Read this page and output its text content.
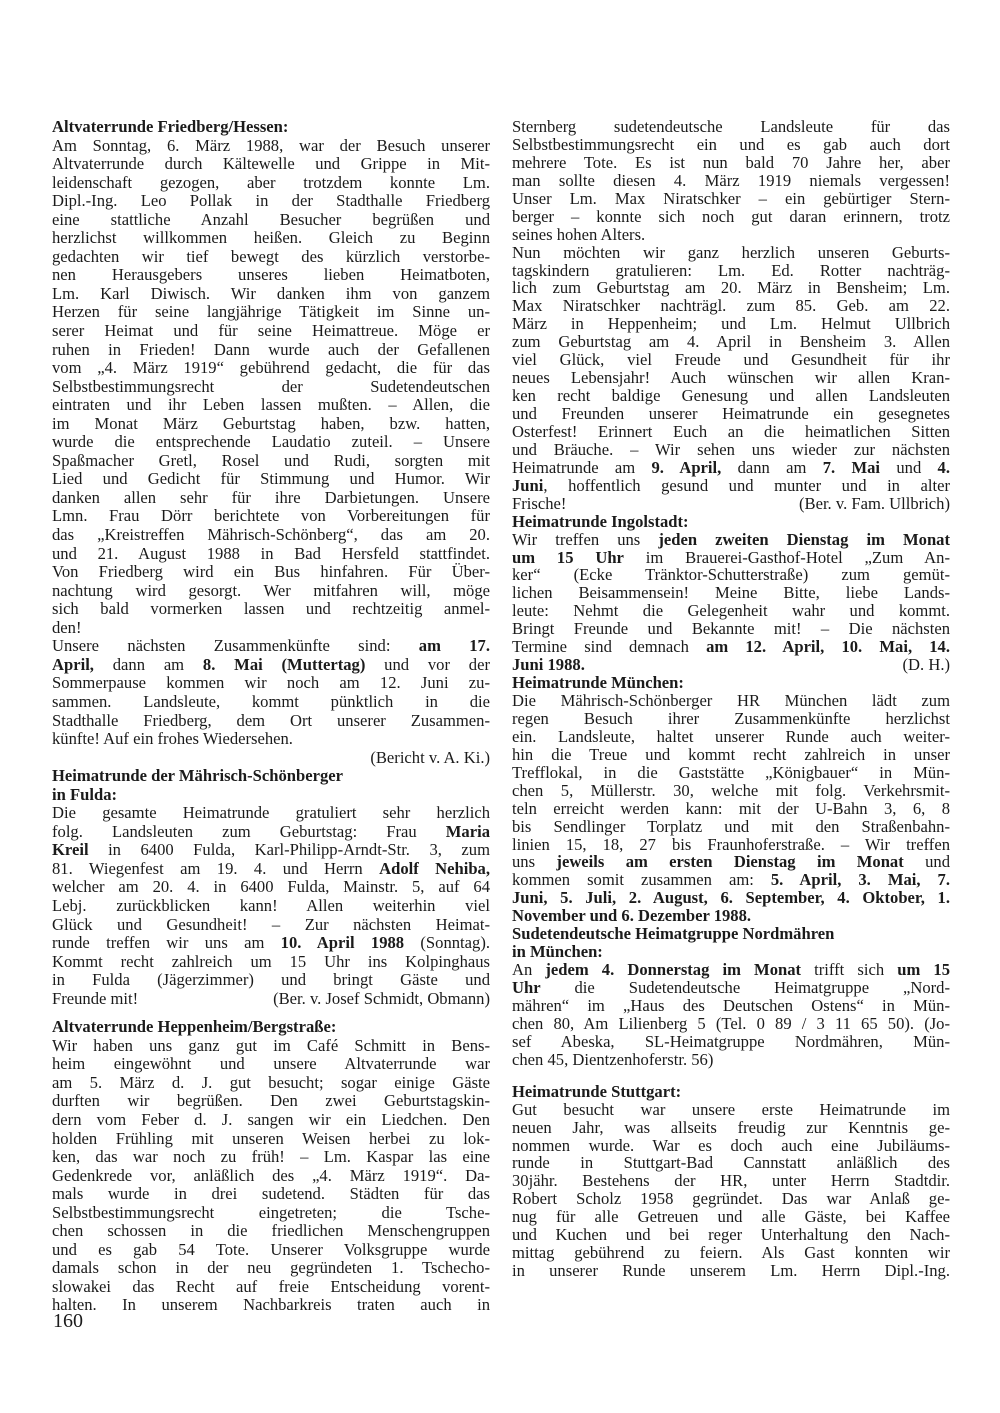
Altvaterrunde Friedberg/Hessen:
Am Sonntag, 6. März 1988, war der Besuch unserer
Altvaterrunde durch Kältewelle und Grippe in Mit-
leidenschaft gezogen, aber trotzdem konnte Lm.
Dipl.-Ing. Leo Pollak in der Stadthalle Friedberg
eine stattliche Anzahl Besucher begrüßen und
herzlichst willkommen heißen. Gleich zu Beginn
gedachten wir tief bewegt des kürzlich verstorbe-
nen Herausgebers unseres lieben Heimatboten,
Lm. Karl Diwisch. Wir danken ihm von ganzem
Herzen für seine langjährige Tätigkeit im Sinne un-
serer Heimat und für seine Heimattreue. Möge er
ruhen in Frieden! Dann wurde auch der Gefallenen
vom „4. März 1919“ gebührend gedacht, die für das
Selbstbestimmungsrecht der Sudetendeutschen
eintraten und ihr Leben lassen mußten. – Allen, die
im Monat März Geburtstag haben, bzw. hatten,
wurde die entsprechende Laudatio zuteil. – Unsere
Spaßmacher Gretl, Rosel und Rudi, sorgten mit
Lied und Gedicht für Stimmung und Humor. Wir
danken allen sehr für ihre Darbietungen. Unsere
Lmn. Frau Dörr berichtete von Vorbereitungen für
das „Kreistreffen Mährisch-Schönberg“, das am 20.
und 21. August 1988 in Bad Hersfeld stattfindet.
Von Friedberg wird ein Bus hinfahren. Für Über-
nachtung wird gesorgt. Wer mitfahren will, möge
sich bald vormerken lassen und rechtzeitig anmel-
den!
Unsere nächsten Zusammenkünfte sind: am 17.
April, dann am 8. Mai (Muttertag) und vor der
Sommerpause kommen wir noch am 12. Juni zu-
sammen. Landsleute, kommt pünktlich in die
Stadthalle Friedberg, dem Ort unserer Zusammen-
künfte! Auf ein frohes Wiedersehen.
(Bericht v. A. Ki.)
Heimatrunde der Mährisch-Schönberger
in Fulda:
Die gesamte Heimatrunde gratuliert sehr herzlich
folg. Landsleuten zum Geburtstag: Frau Maria
Kreil in 6400 Fulda, Karl-Philipp-Arndt-Str. 3, zum
81. Wiegenfest am 19. 4. und Herrn Adolf Nehiba,
welcher am 20. 4. in 6400 Fulda, Mainstr. 5, auf 64
Lebj. zurückblicken kann! Allen weiterhin viel
Glück und Gesundheit! – Zur nächsten Heimat-
runde treffen wir uns am 10. April 1988 (Sonntag).
Kommt recht zahlreich um 15 Uhr ins Kolpinghaus
in Fulda (Jägerzimmer) und bringt Gäste und
Freunde mit!	(Ber. v. Josef Schmidt, Obmann)
Altvaterrunde Heppenheim/Bergstraße:
Wir haben uns ganz gut im Café Schmitt in Bens-
heim eingewöhnt und unsere Altvaterrunde war
am 5. März d. J. gut besucht; sogar einige Gäste
durften wir begrüßen. Den zwei Geburtstagskin-
dern vom Feber d. J. sangen wir ein Liedchen. Den
holden Frühling mit unseren Weisen herbei zu lok-
ken, das war noch zu früh! – Lm. Kaspar las eine
Gedenkrede vor, anläßlich des „4. März 1919“. Da-
mals wurde in drei sudetend. Städten für das
Selbstbestimmungsrecht eingetreten; die Tsche-
chen schossen in die friedlichen Menschengruppen
und es gab 54 Tote. Unserer Volksgruppe wurde
damals schon in der neu gegründeten 1. Tschecho-
slowakei das Recht auf freie Entscheidung vorent-
halten. In unserem Nachbarkreis traten auch in
Sternberg sudetendeutsche Landsleute für das
Selbstbestimmungsrecht ein und es gab auch dort
mehrere Tote. Es ist nun bald 70 Jahre her, aber
man sollte diesen 4. März 1919 niemals vergessen!
Unser Lm. Max Niratschker – ein gebürtiger Stern-
berger – konnte sich noch gut daran erinnern, trotz
seines hohen Alters.
Nun möchten wir ganz herzlich unseren Geburts-
tagskindern gratulieren: Lm. Ed. Rotter nachträg-
lich zum Geburtstag am 20. März in Bensheim; Lm.
Max Niratschker nachträgl. zum 85. Geb. am 22.
März in Heppenheim; und Lm. Helmut Ullbrich
zum Geburtstag am 4. April in Bensheim 3. Allen
viel Glück, viel Freude und Gesundheit für ihr
neues Lebensjahr! Auch wünschen wir allen Kran-
ken recht baldige Genesung und allen Landsleuten
und Freunden unserer Heimatrunde ein gesegnetes
Osterfest! Erinnert Euch an die heimatlichen Sitten
und Bräuche. – Wir sehen uns wieder zur nächsten
Heimatrunde am 9. April, dann am 7. Mai und 4.
Juni, hoffentlich gesund und munter und in alter
Frische!	(Ber. v. Fam. Ullbrich)
Heimatrunde Ingolstadt:
Wir treffen uns jeden zweiten Dienstag im Monat
um 15 Uhr im Brauerei-Gasthof-Hotel „Zum An-
ker“ (Ecke Tränktor-Schutterstraße) zum gemüt-
lichen Beisammensein! Meine Bitte, liebe Lands-
leute: Nehmt die Gelegenheit wahr und kommt.
Bringt Freunde und Bekannte mit! – Die nächsten
Termine sind demnach am 12. April, 10. Mai, 14.
Juni 1988.	(D. H.)
Heimatrunde München:
Die Mährisch-Schönberger HR München lädt zum
regen Besuch ihrer Zusammenkünfte herzlichst
ein. Landsleute, haltet unserer Runde auch weiter-
hin die Treue und kommt recht zahlreich in unser
Trefflokal, in die Gaststätte „Königbauer“ in Mün-
chen 5, Müllerstr. 30, welche mit folg. Verkehrsmit-
teln erreicht werden kann: mit der U-Bahn 3, 6, 8
bis Sendlinger Torplatz und mit den Straßenbahn-
linien 15, 18, 27 bis Fraunhoferstraße. – Wir treffen
uns jeweils am ersten Dienstag im Monat und
kommen somit zusammen am: 5. April, 3. Mai, 7.
Juni, 5. Juli, 2. August, 6. September, 4. Oktober, 1.
November und 6. Dezember 1988.
Sudetendeutsche Heimatgruppe Nordmähren
in München:
An jedem 4. Donnerstag im Monat trifft sich um 15
Uhr die Sudetendeutsche Heimatgruppe „Nord-
mähren“ im „Haus des Deutschen Ostens“ in Mün-
chen 80, Am Lilienberg 5 (Tel. 0 89 / 3 11 65 50). (Jo-
sef Abeska, SL-Heimatgruppe Nordmähren, Mün-
chen 45, Dientzenhoferstr. 56)
Heimatrunde Stuttgart:
Gut besucht war unsere erste Heimatrunde im
neuen Jahr, was allseits freudig zur Kenntnis ge-
nommen wurde. War es doch auch eine Jubiläums-
runde in Stuttgart-Bad Cannstatt anläßlich des
30jähr. Bestehens der HR, unter Herrn Stadtdir.
Robert Scholz 1958 gegründet. Das war Anlaß ge-
nug für alle Getreuen und alle Gäste, bei Kaffee
und Kuchen und bei reger Unterhaltung den Nach-
mittag gebührend zu feiern. Als Gast konnten wir
in unserer Runde unserem Lm. Herrn Dipl.-Ing.
160
